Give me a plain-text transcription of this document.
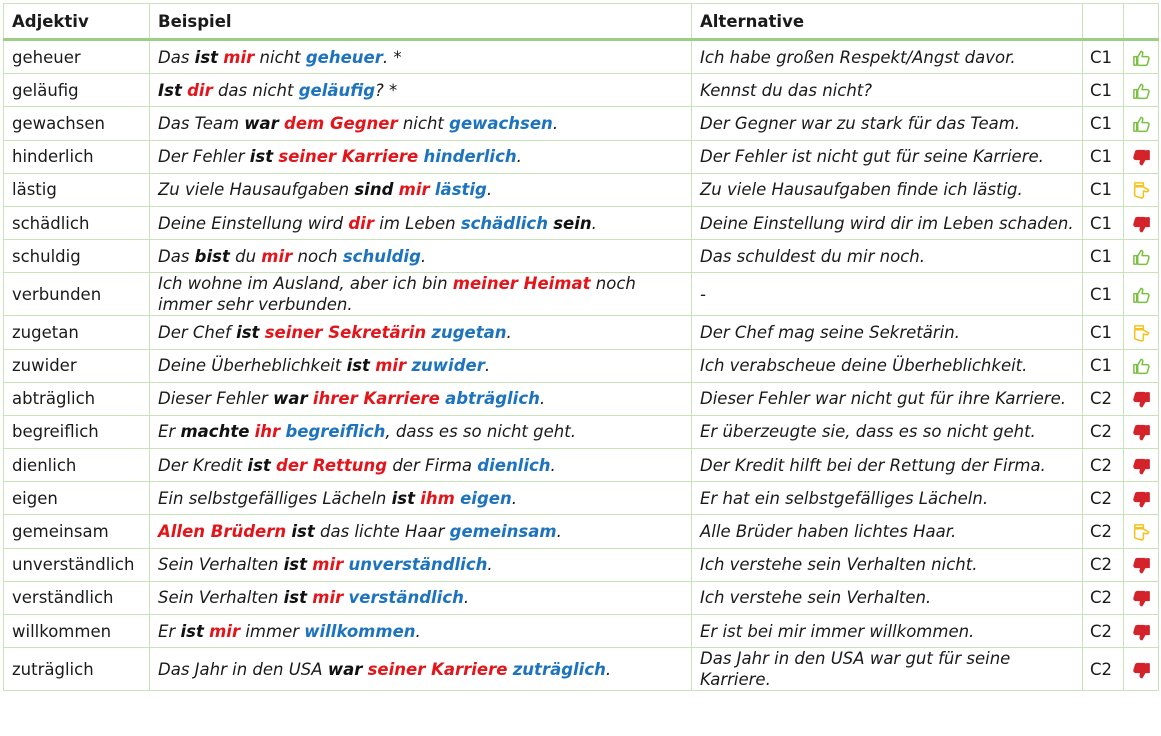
Adjektiv	Beispiel	Alternative		
geheuer	Das ist mir nicht geheuer. *	Ich habe großen Respekt/Angst davor.	C1	
geläufig	Ist dir das nicht geläufig? *	Kennst du das nicht?	C1	
gewachsen	Das Team war dem Gegner nicht gewachsen.	Der Gegner war zu stark für das Team.	C1	
hinderlich	Der Fehler ist seiner Karriere hinderlich.	Der Fehler ist nicht gut für seine Karriere.	C1	
lästig	Zu viele Hausaufgaben sind mir lästig.	Zu viele Hausaufgaben finde ich lästig.	C1	
schädlich	Deine Einstellung wird dir im Leben schädlich sein.	Deine Einstellung wird dir im Leben schaden.	C1	
schuldig	Das bist du mir noch schuldig.	Das schuldest du mir noch.	C1	
verbunden	Ich wohne im Ausland, aber ich bin meiner Heimat noch immer sehr verbunden.	-	C1	
zugetan	Der Chef ist seiner Sekretärin zugetan.	Der Chef mag seine Sekretärin.	C1	
zuwider	Deine Überheblichkeit ist mir zuwider.	Ich verabscheue deine Überheblichkeit.	C1	
abträglich	Dieser Fehler war ihrer Karriere abträglich.	Dieser Fehler war nicht gut für ihre Karriere.	C2	
begreiflich	Er machte ihr begreiflich, dass es so nicht geht.	Er überzeugte sie, dass es so nicht geht.	C2	
dienlich	Der Kredit ist der Rettung der Firma dienlich.	Der Kredit hilft bei der Rettung der Firma.	C2	
eigen	Ein selbstgefälliges Lächeln ist ihm eigen.	Er hat ein selbstgefälliges Lächeln.	C2	
gemeinsam	Allen Brüdern ist das lichte Haar gemeinsam.	Alle Brüder haben lichtes Haar.	C2	
unverständlich	Sein Verhalten ist mir unverständlich.	Ich verstehe sein Verhalten nicht.	C2	
verständlich	Sein Verhalten ist mir verständlich.	Ich verstehe sein Verhalten.	C2	
willkommen	Er ist mir immer willkommen.	Er ist bei mir immer willkommen.	C2	
zuträglich	Das Jahr in den USA war seiner Karriere zuträglich.	Das Jahr in den USA war gut für seine Karriere.	C2	
